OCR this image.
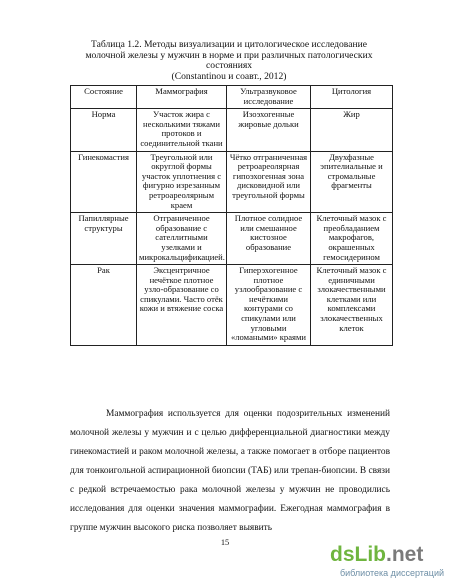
Таблица 1.2. Методы визуализации и цитологическое исследование
молочной железы у мужчин в норме и при различных патологических
состояниях
(Constantinou и соавт., 2012)
Состояние	Маммография	Ультразвуковое исследование	Цитология
Норма	Участок жира с несколькими тяжами протоков и соединительной ткани	Изоэхогенные жировые дольки	Жир
Гинекомастия	Треугольной или округлой формы участок уплотнения с фигурно изрезанным ретроареолярным краем	Чётко отграниченная ретроареолярная гипоэхогенная зона дисковидной или треугольной формы	Двухфазные эпителиальные и стромальные фрагменты
Папиллярные структуры	Отграниченное образование с сателлитными узелками и микрокальцификацией.	Плотное солидное или смешанное кистозное образование	Клеточный мазок с преобладанием макрофагов, окрашенных гемосидерином
Рак	Эксцентричное нечёткое плотное узло-образование со спикулами. Часто отёк кожи и втяжение соска	Гиперэхогенное плотное узлообразование с нечёткими контурами со спикулами или угловыми «ломаными» краями	Клеточный мазок с единичными злокачественными клетками или комплексами злокачественных клеток

Маммография используется для оценки подозрительных изменений молочной железы у мужчин и с целью дифференциальной диагностики между гинекомастией и раком молочной железы, а также помогает в отборе пациентов для тонкоигольной аспирационной биопсии (ТАБ) или трепан-биопсии. В связи с редкой встречаемостью рака молочной железы у мужчин не проводились исследования для оценки значения маммографии. Ежегодная маммография в группе мужчин высокого риска позволяет выявить

15
dsLib.net
библиотека диссертаций
